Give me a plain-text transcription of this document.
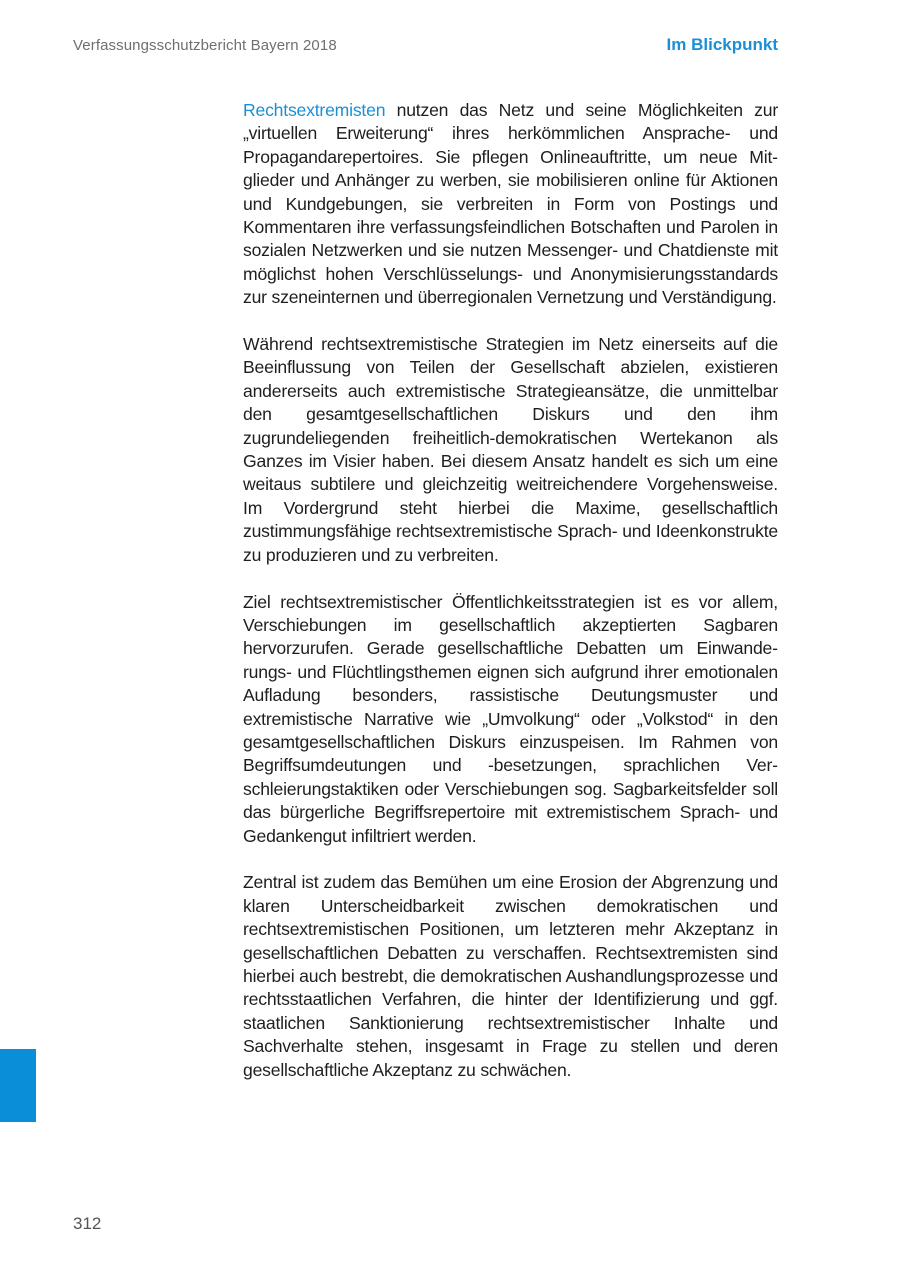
Verfassungsschutzbericht Bayern 2018	Im Blickpunkt

Rechtsextremisten nutzen das Netz und seine Möglichkeiten zur „virtuellen Erweiterung“ ihres herkömmlichen Ansprache- und Propagandarepertoires. Sie pflegen Onlineauftritte, um neue Mitglieder und Anhänger zu werben, sie mobilisieren online für Aktionen und Kundgebungen, sie verbreiten in Form von Postings und Kommentaren ihre verfassungsfeindlichen Botschaften und Parolen in sozialen Netzwerken und sie nutzen Messenger- und Chatdienste mit möglichst hohen Verschlüsselungs- und Anonymisierungsstandards zur szeneinternen und überregionalen Vernetzung und Verständigung.

Während rechtsextremistische Strategien im Netz einerseits auf die Beeinflussung von Teilen der Gesellschaft abzielen, existieren andererseits auch extremistische Strategieansätze, die unmittelbar den gesamtgesellschaftlichen Diskurs und den ihm zugrundeliegenden freiheitlich-demokratischen Wertekanon als Ganzes im Visier haben. Bei diesem Ansatz handelt es sich um eine weitaus subtilere und gleichzeitig weitreichendere Vorgehensweise. Im Vordergrund steht hierbei die Maxime, gesellschaftlich zustimmungsfähige rechtsextremistische Sprach- und Ideenkonstrukte zu produzieren und zu verbreiten.

Ziel rechtsextremistischer Öffentlichkeitsstrategien ist es vor allem, Verschiebungen im gesellschaftlich akzeptierten Sagbaren hervorzurufen. Gerade gesellschaftliche Debatten um Einwanderungs- und Flüchtlingsthemen eignen sich aufgrund ihrer emotionalen Aufladung besonders, rassistische Deutungsmuster und extremistische Narrative wie „Umvolkung“ oder „Volkstod“ in den gesamtgesellschaftlichen Diskurs einzuspeisen. Im Rahmen von Begriffsumdeutungen und -besetzungen, sprachlichen Verschleierungstaktiken oder Verschiebungen sog. Sagbarkeitsfelder soll das bürgerliche Begriffsrepertoire mit extremistischem Sprach- und Gedankengut infiltriert werden.

Zentral ist zudem das Bemühen um eine Erosion der Abgrenzung und klaren Unterscheidbarkeit zwischen demokratischen und rechtsextremistischen Positionen, um letzteren mehr Akzeptanz in gesellschaftlichen Debatten zu verschaffen. Rechtsextremisten sind hierbei auch bestrebt, die demokratischen Aushandlungsprozesse und rechtsstaatlichen Verfahren, die hinter der Identifizierung und ggf. staatlichen Sanktionierung rechtsextremistischer Inhalte und Sachverhalte stehen, insgesamt in Frage zu stellen und deren gesellschaftliche Akzeptanz zu schwächen.

312
